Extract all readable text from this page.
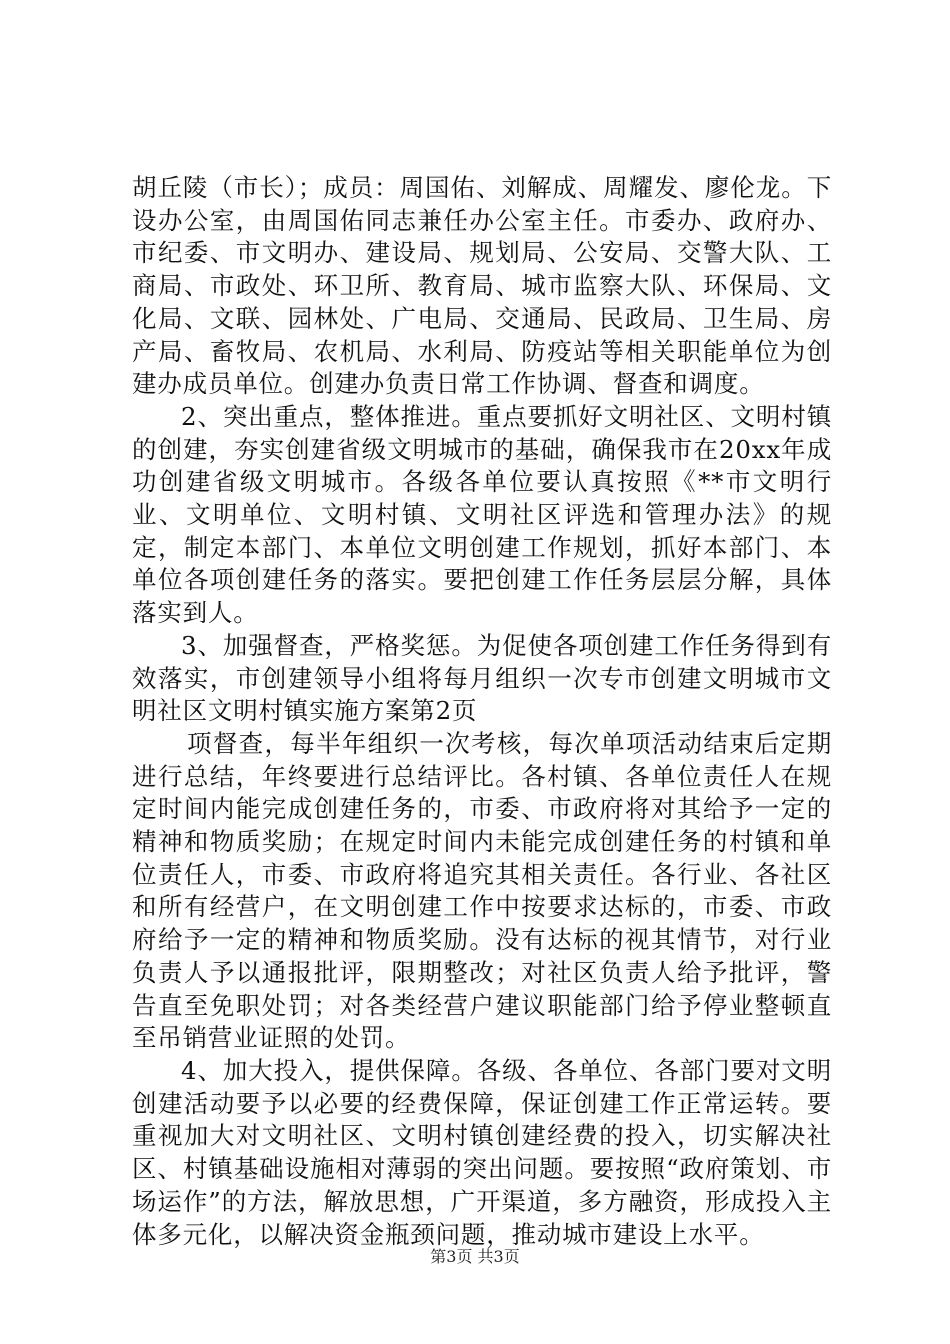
胡丘陵（市长）；成员：周国佑、刘解成、周耀发、廖伦龙。下设办公室，由周国佑同志兼任办公室主任。市委办、政府办、市纪委、市文明办、建设局、规划局、公安局、交警大队、工商局、市政处、环卫所、教育局、城市监察大队、环保局、文化局、文联、园林处、广电局、交通局、民政局、卫生局、房产局、畜牧局、农机局、水利局、防疫站等相关职能单位为创建办成员单位。创建办负责日常工作协调、督查和调度。

2、突出重点，整体推进。重点要抓好文明社区、文明村镇的创建，夯实创建省级文明城市的基础，确保我市在20xx年成功创建省级文明城市。各级各单位要认真按照《**市文明行业、文明单位、文明村镇、文明社区评选和管理办法》的规定，制定本部门、本单位文明创建工作规划，抓好本部门、本单位各项创建任务的落实。要把创建工作任务层层分解，具体落实到人。

3、加强督查，严格奖惩。为促使各项创建工作任务得到有效落实，市创建领导小组将每月组织一次专市创建文明城市文明社区文明村镇实施方案第2页

项督查，每半年组织一次考核，每次单项活动结束后定期进行总结，年终要进行总结评比。各村镇、各单位责任人在规定时间内能完成创建任务的，市委、市政府将对其给予一定的精神和物质奖励；在规定时间内未能完成创建任务的村镇和单位责任人，市委、市政府将追究其相关责任。各行业、各社区和所有经营户，在文明创建工作中按要求达标的，市委、市政府给予一定的精神和物质奖励。没有达标的视其情节，对行业负责人予以通报批评，限期整改；对社区负责人给予批评，警告直至免职处罚；对各类经营户建议职能部门给予停业整顿直至吊销营业证照的处罚。

4、加大投入，提供保障。各级、各单位、各部门要对文明创建活动要予以必要的经费保障，保证创建工作正常运转。要重视加大对文明社区、文明村镇创建经费的投入，切实解决社区、村镇基础设施相对薄弱的突出问题。要按照“政府策划、市场运作”的方法，解放思想，广开渠道，多方融资，形成投入主体多元化，以解决资金瓶颈问题，推动城市建设上水平。

第3页 共3页
